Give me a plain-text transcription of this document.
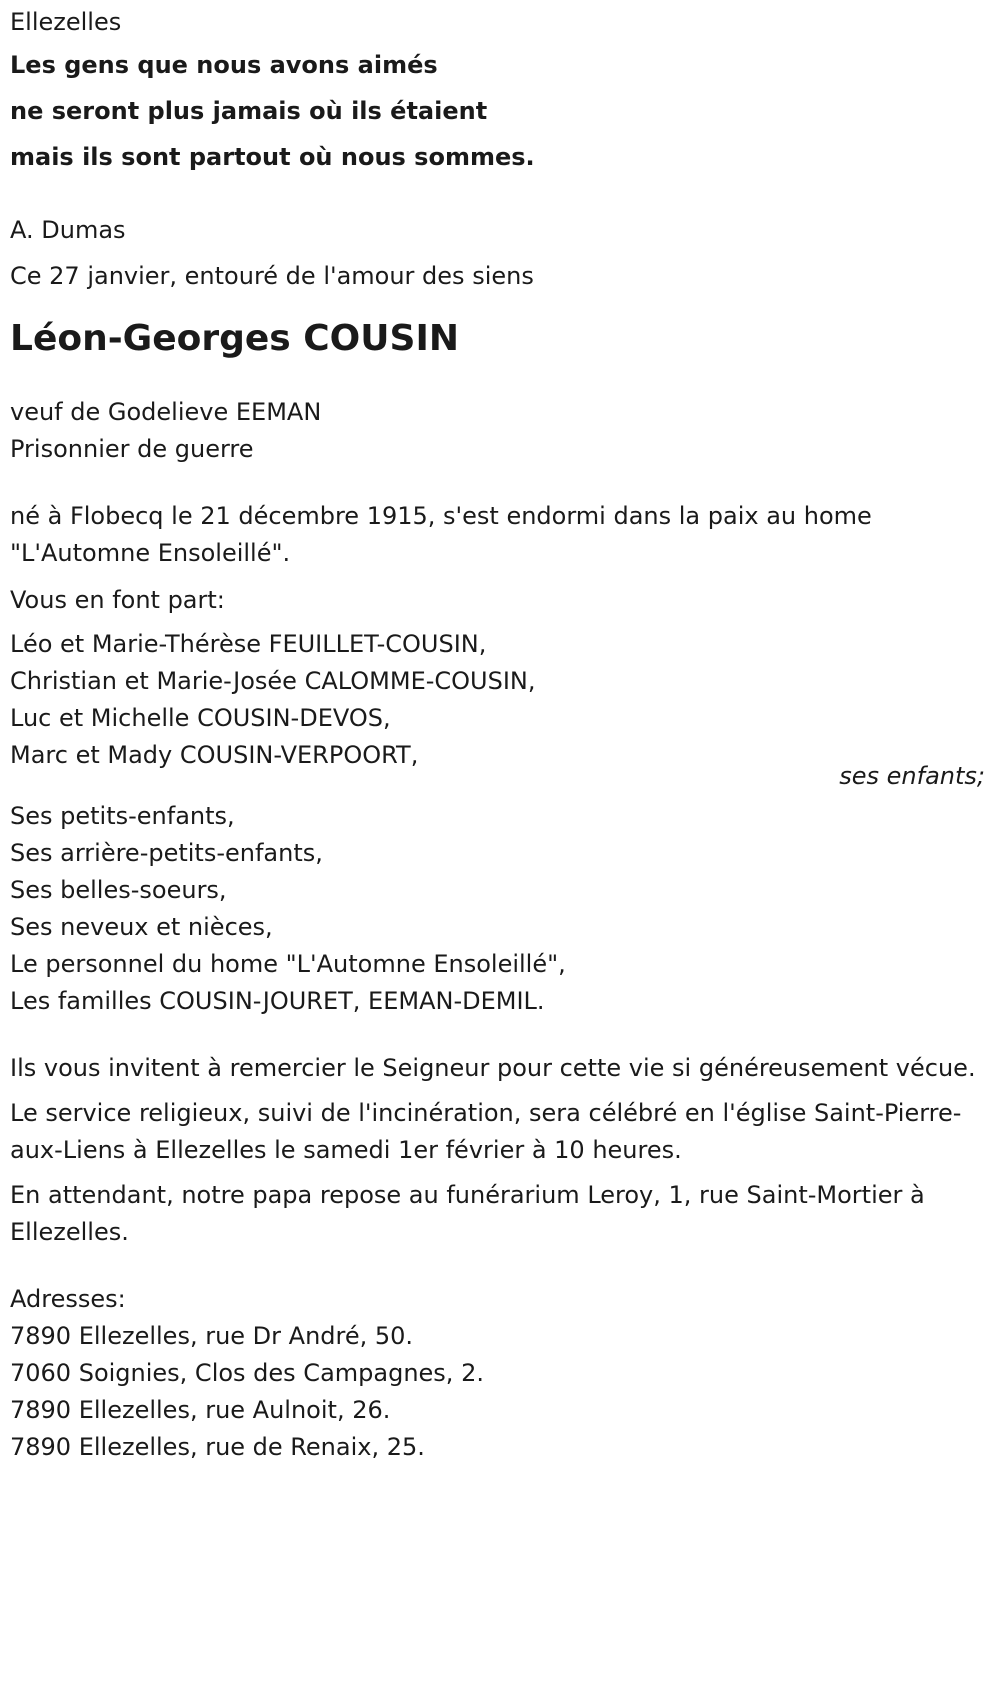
Ellezelles
Les gens que nous avons aimés
ne seront plus jamais où ils étaient
mais ils sont partout où nous sommes.
A. Dumas
Ce 27 janvier, entouré de l'amour des siens
Léon-Georges COUSIN
veuf de Godelieve EEMAN
Prisonnier de guerre
né à Flobecq le 21 décembre 1915, s'est endormi dans la paix au home "L'Automne Ensoleillé".
Vous en font part:
Léo et Marie-Thérèse FEUILLET-COUSIN,
Christian et Marie-Josée CALOMME-COUSIN,
Luc et Michelle COUSIN-DEVOS,
Marc et Mady COUSIN-VERPOORT,
ses enfants;
Ses petits-enfants,
Ses arrière-petits-enfants,
Ses belles-soeurs,
Ses neveux et nièces,
Le personnel du home "L'Automne Ensoleillé",
Les familles COUSIN-JOURET, EEMAN-DEMIL.
Ils vous invitent à remercier le Seigneur pour cette vie si généreusement vécue.
Le service religieux, suivi de l'incinération, sera célébré en l'église Saint-Pierre-aux-Liens à Ellezelles le samedi 1er février à 10 heures.
En attendant, notre papa repose au funérarium Leroy, 1, rue Saint-Mortier à Ellezelles.
Adresses:
7890 Ellezelles, rue Dr André, 50.
7060 Soignies, Clos des Campagnes, 2.
7890 Ellezelles, rue Aulnoit, 26.
7890 Ellezelles, rue de Renaix, 25.
